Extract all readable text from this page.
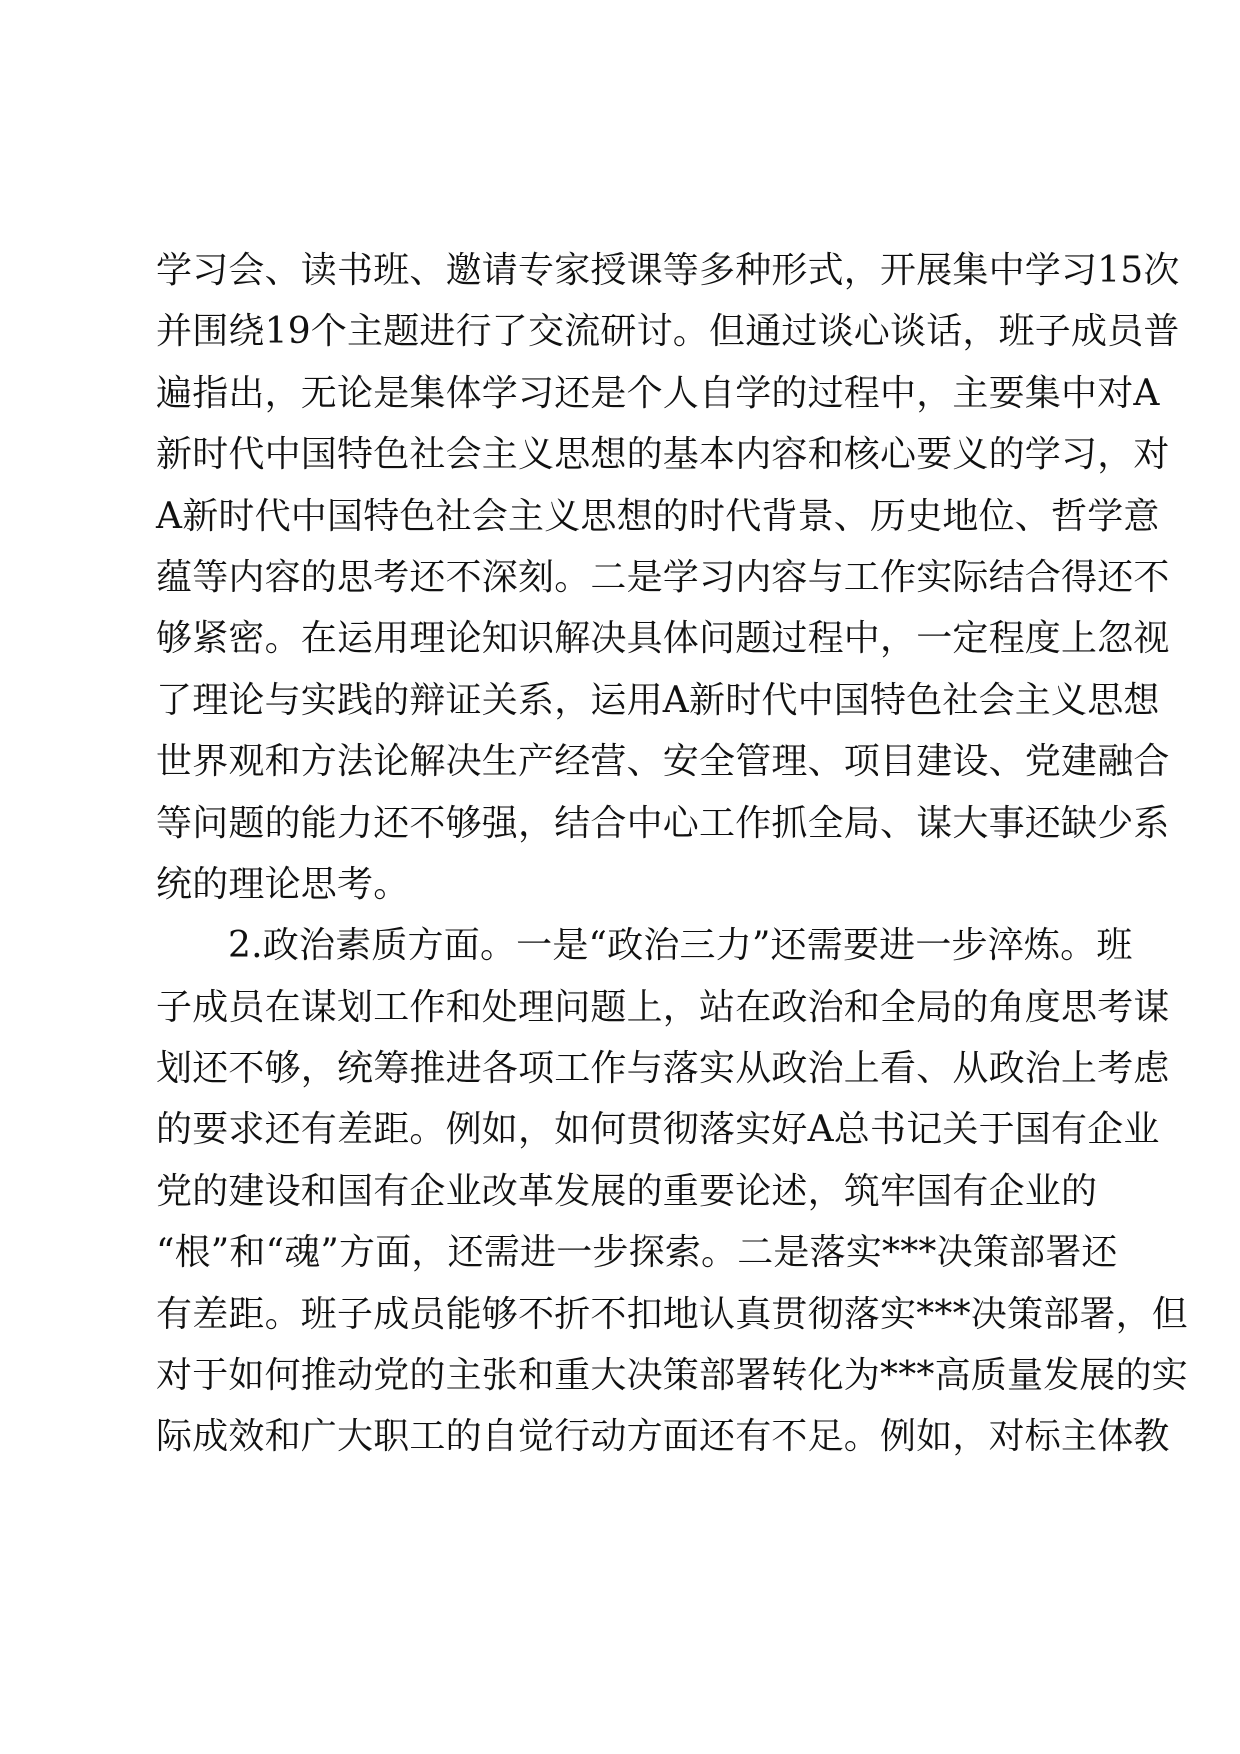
学习会、读书班、邀请专家授课等多种形式，开展集中学习15次
并围绕19个主题进行了交流研讨。但通过谈心谈话，班子成员普
遍指出，无论是集体学习还是个人自学的过程中，主要集中对A
新时代中国特色社会主义思想的基本内容和核心要义的学习，对
A新时代中国特色社会主义思想的时代背景、历史地位、哲学意
蕴等内容的思考还不深刻。二是学习内容与工作实际结合得还不
够紧密。在运用理论知识解决具体问题过程中，一定程度上忽视
了理论与实践的辩证关系，运用A新时代中国特色社会主义思想
世界观和方法论解决生产经营、安全管理、项目建设、党建融合
等问题的能力还不够强，结合中心工作抓全局、谋大事还缺少系
统的理论思考。
2.政治素质方面。一是“政治三力”还需要进一步淬炼。班
子成员在谋划工作和处理问题上，站在政治和全局的角度思考谋
划还不够，统筹推进各项工作与落实从政治上看、从政治上考虑
的要求还有差距。例如，如何贯彻落实好A总书记关于国有企业
党的建设和国有企业改革发展的重要论述，筑牢国有企业的
“根”和“魂”方面，还需进一步探索。二是落实***决策部署还
有差距。班子成员能够不折不扣地认真贯彻落实***决策部署，但
对于如何推动党的主张和重大决策部署转化为***高质量发展的实
际成效和广大职工的自觉行动方面还有不足。例如，对标主体教
